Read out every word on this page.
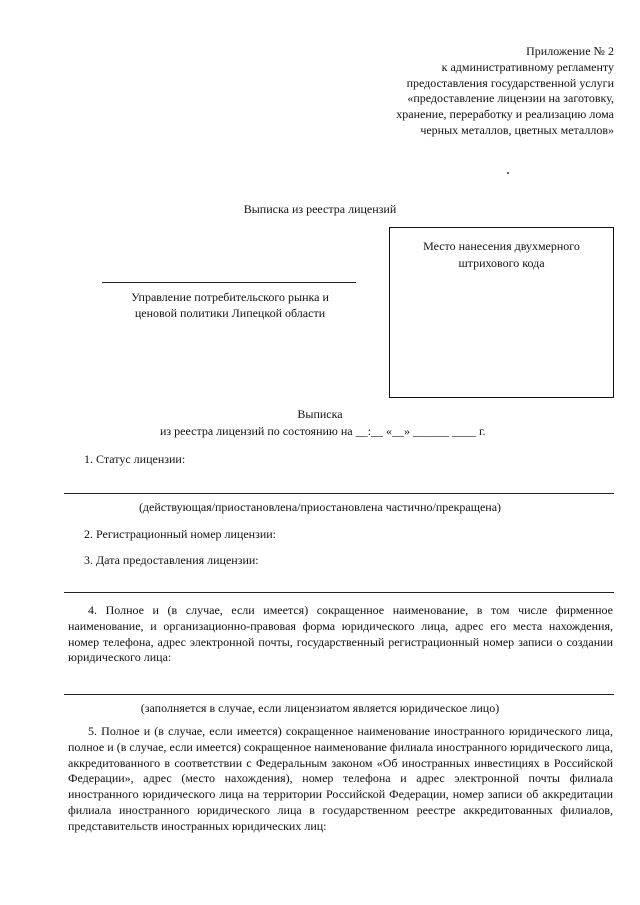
Приложение № 2
к административному регламенту
предоставления государственной услуги
«предоставление лицензии на заготовку,
хранение, переработку и реализацию лома
черных металлов, цветных металлов»
Выписка из реестра лицензий
Место нанесения двухмерного
штрихового кода
Управление потребительского рынка и
ценовой политики Липецкой области
Выписка
из реестра лицензий по состоянию на __:__ «__» ______ ____ г.
1. Статус лицензии:
(действующая/приостановлена/приостановлена частично/прекращена)
2. Регистрационный номер лицензии:
3. Дата предоставления лицензии:
4. Полное и (в случае, если имеется) сокращенное наименование, в том числе фирменное наименование, и организационно-правовая форма юридического лица, адрес его места нахождения, номер телефона, адрес электронной почты, государственный регистрационный номер записи о создании юридического лица:
(заполняется в случае, если лицензиатом является юридическое лицо)
5. Полное и (в случае, если имеется) сокращенное наименование иностранного юридического лица, полное и (в случае, если имеется) сокращенное наименование филиала иностранного юридического лица, аккредитованного в соответствии с Федеральным законом «Об иностранных инвестициях в Российской Федерации», адрес (место нахождения), номер телефона и адрес электронной почты филиала иностранного юридического лица на территории Российской Федерации, номер записи об аккредитации филиала иностранного юридического лица в государственном реестре аккредитованных филиалов, представительств иностранных юридических лиц:
